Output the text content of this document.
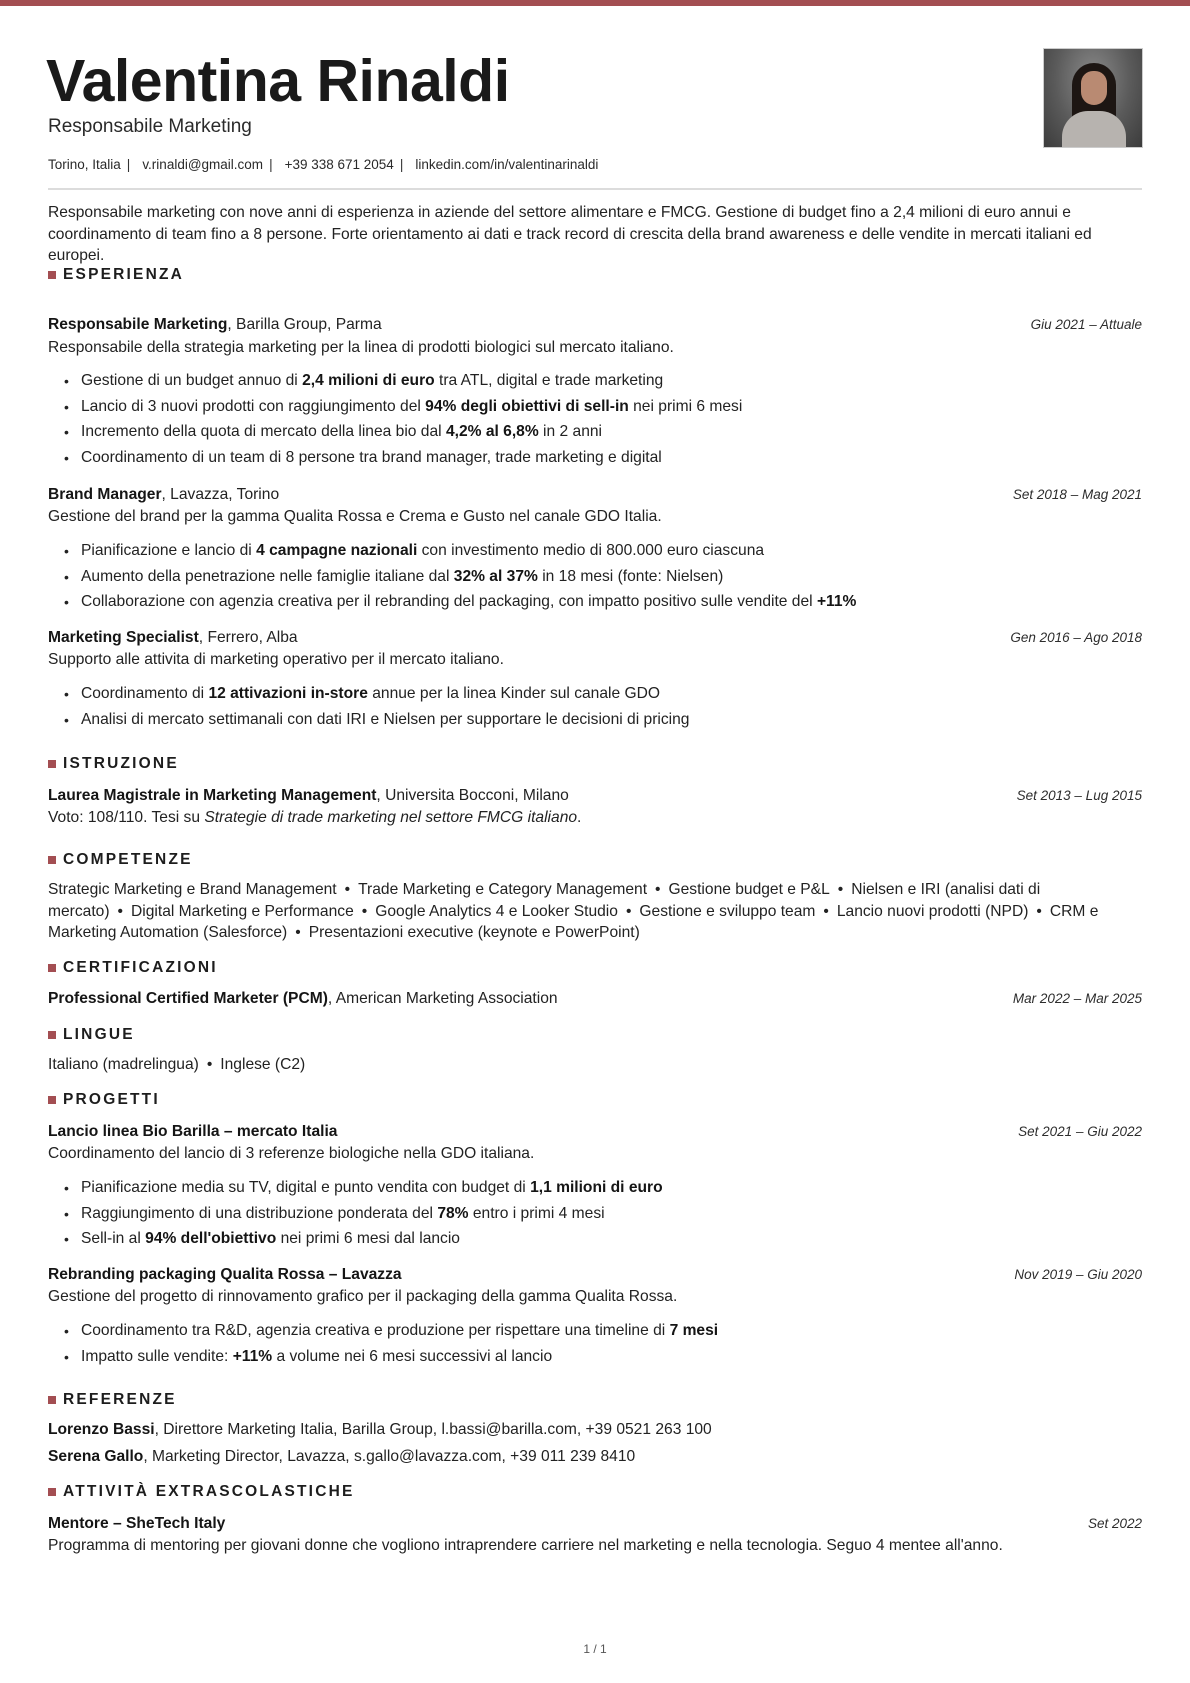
Valentina Rinaldi
Responsabile Marketing
Torino, Italia | v.rinaldi@gmail.com | +39 338 671 2054 | linkedin.com/in/valentinarinaldi
Responsabile marketing con nove anni di esperienza in aziende del settore alimentare e FMCG. Gestione di budget fino a 2,4 milioni di euro annui e coordinamento di team fino a 8 persone. Forte orientamento ai dati e track record di crescita della brand awareness e delle vendite in mercati italiani ed europei.
ESPERIENZA
Responsabile Marketing, Barilla Group, Parma	Giu 2021 – Attuale
Responsabile della strategia marketing per la linea di prodotti biologici sul mercato italiano.
• Gestione di un budget annuo di 2,4 milioni di euro tra ATL, digital e trade marketing
• Lancio di 3 nuovi prodotti con raggiungimento del 94% degli obiettivi di sell-in nei primi 6 mesi
• Incremento della quota di mercato della linea bio dal 4,2% al 6,8% in 2 anni
• Coordinamento di un team di 8 persone tra brand manager, trade marketing e digital
Brand Manager, Lavazza, Torino	Set 2018 – Mag 2021
Gestione del brand per la gamma Qualita Rossa e Crema e Gusto nel canale GDO Italia.
• Pianificazione e lancio di 4 campagne nazionali con investimento medio di 800.000 euro ciascuna
• Aumento della penetrazione nelle famiglie italiane dal 32% al 37% in 18 mesi (fonte: Nielsen)
• Collaborazione con agenzia creativa per il rebranding del packaging, con impatto positivo sulle vendite del +11%
Marketing Specialist, Ferrero, Alba	Gen 2016 – Ago 2018
Supporto alle attivita di marketing operativo per il mercato italiano.
• Coordinamento di 12 attivazioni in-store annue per la linea Kinder sul canale GDO
• Analisi di mercato settimanali con dati IRI e Nielsen per supportare le decisioni di pricing
ISTRUZIONE
Laurea Magistrale in Marketing Management, Universita Bocconi, Milano	Set 2013 – Lug 2015
Voto: 108/110. Tesi su Strategie di trade marketing nel settore FMCG italiano.
COMPETENZE
Strategic Marketing e Brand Management • Trade Marketing e Category Management • Gestione budget e P&L • Nielsen e IRI (analisi dati di mercato) • Digital Marketing e Performance • Google Analytics 4 e Looker Studio • Gestione e sviluppo team • Lancio nuovi prodotti (NPD) • CRM e Marketing Automation (Salesforce) • Presentazioni executive (keynote e PowerPoint)
CERTIFICAZIONI
Professional Certified Marketer (PCM), American Marketing Association	Mar 2022 – Mar 2025
LINGUE
Italiano (madrelingua) • Inglese (C2)
PROGETTI
Lancio linea Bio Barilla – mercato Italia	Set 2021 – Giu 2022
Coordinamento del lancio di 3 referenze biologiche nella GDO italiana.
• Pianificazione media su TV, digital e punto vendita con budget di 1,1 milioni di euro
• Raggiungimento di una distribuzione ponderata del 78% entro i primi 4 mesi
• Sell-in al 94% dell'obiettivo nei primi 6 mesi dal lancio
Rebranding packaging Qualita Rossa – Lavazza	Nov 2019 – Giu 2020
Gestione del progetto di rinnovamento grafico per il packaging della gamma Qualita Rossa.
• Coordinamento tra R&D, agenzia creativa e produzione per rispettare una timeline di 7 mesi
• Impatto sulle vendite: +11% a volume nei 6 mesi successivi al lancio
REFERENZE
Lorenzo Bassi, Direttore Marketing Italia, Barilla Group, l.bassi@barilla.com, +39 0521 263 100
Serena Gallo, Marketing Director, Lavazza, s.gallo@lavazza.com, +39 011 239 8410
ATTIVITÀ EXTRASCOLASTICHE
Mentore – SheTech Italy	Set 2022
Programma di mentoring per giovani donne che vogliono intraprendere carriere nel marketing e nella tecnologia. Seguo 4 mentee all'anno.
1 / 1
